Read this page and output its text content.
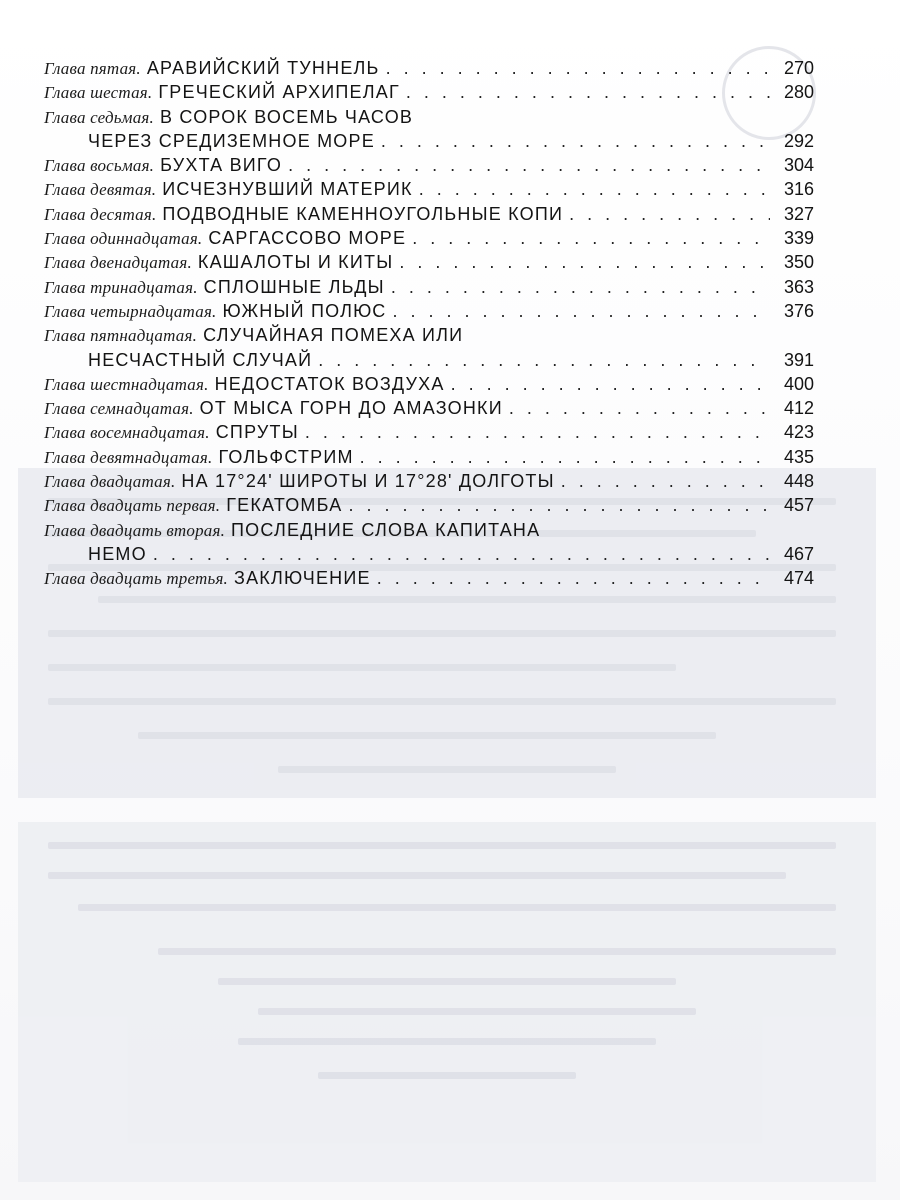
Глава пятая. АРАВИЙСКИЙ ТУННЕЛЬ . . .	270
Глава шестая. ГРЕЧЕСКИЙ АРХИПЕЛАГ . . .	280
Глава седьмая. В СОРОК ВОСЕМЬ ЧАСОВ
ЧЕРЕЗ СРЕДИЗЕМНОЕ МОРЕ . . .	292
Глава восьмая. БУХТА ВИГО . . .	304
Глава девятая. ИСЧЕЗНУВШИЙ МАТЕРИК . . .	316
Глава десятая. ПОДВОДНЫЕ КАМЕННОУГОЛЬНЫЕ КОПИ . . .	327
Глава одиннадцатая. САРГАССОВО МОРЕ . . .	339
Глава двенадцатая. КАШАЛОТЫ И КИТЫ . . .	350
Глава тринадцатая. СПЛОШНЫЕ ЛЬДЫ . . .	363
Глава четырнадцатая. ЮЖНЫЙ ПОЛЮС . . .	376
Глава пятнадцатая. СЛУЧАЙНАЯ ПОМЕХА ИЛИ
НЕСЧАСТНЫЙ СЛУЧАЙ . . .	391
Глава шестнадцатая. НЕДОСТАТОК ВОЗДУХА . . .	400
Глава семнадцатая. ОТ МЫСА ГОРН ДО АМАЗОНКИ . . .	412
Глава восемнадцатая. СПРУТЫ . . .	423
Глава девятнадцатая. ГОЛЬФСТРИМ . . .	435
Глава двадцатая. НА 17°24' ШИРОТЫ И 17°28' ДОЛГОТЫ . . .	448
Глава двадцать первая. ГЕКАТОМБА . . .	457
Глава двадцать вторая. ПОСЛЕДНИЕ СЛОВА КАПИТАНА
НЕМО . . .	467
Глава двадцать третья. ЗАКЛЮЧЕНИЕ . . .	474
